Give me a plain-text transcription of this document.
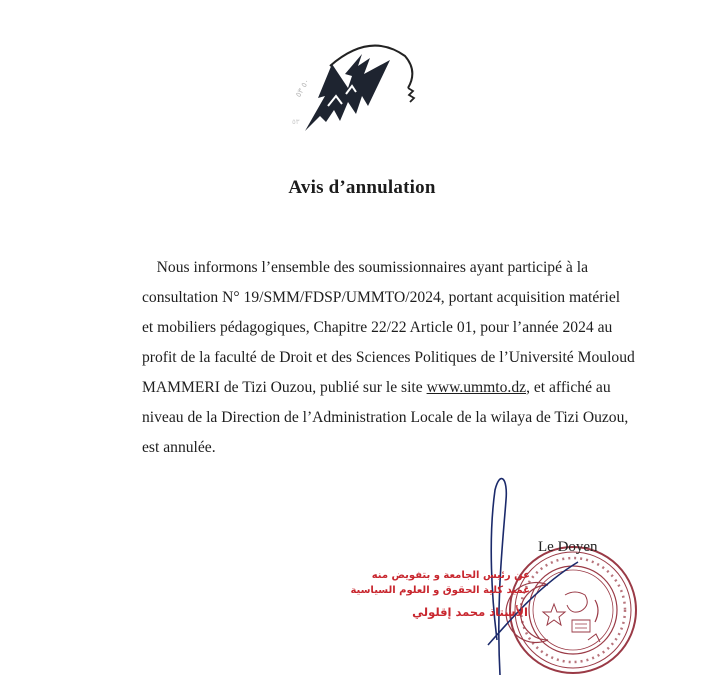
٥٠ ٥٣
٥٣
Avis d’annulation
Nous informons l’ensemble des soumissionnaires ayant participé à la
consultation N° 19/SMM/FDSP/UMMTO/2024, portant acquisition matériel
et mobiliers pédagogiques, Chapitre 22/22 Article 01, pour l’année 2024 au
profit de la faculté de Droit et des Sciences Politiques de l’Université Mouloud
MAMMERI de Tizi Ouzou, publié sur le site www.ummto.dz, et affiché au
niveau de la Direction de l’Administration Locale de la wilaya de Tizi Ouzou,
est annulée.
Le Doyen
عن رئيس الجامعة و بتفويض منه
عميد كلية الحقوق و العلوم السياسية
الأستاذ محمد إقلولي
